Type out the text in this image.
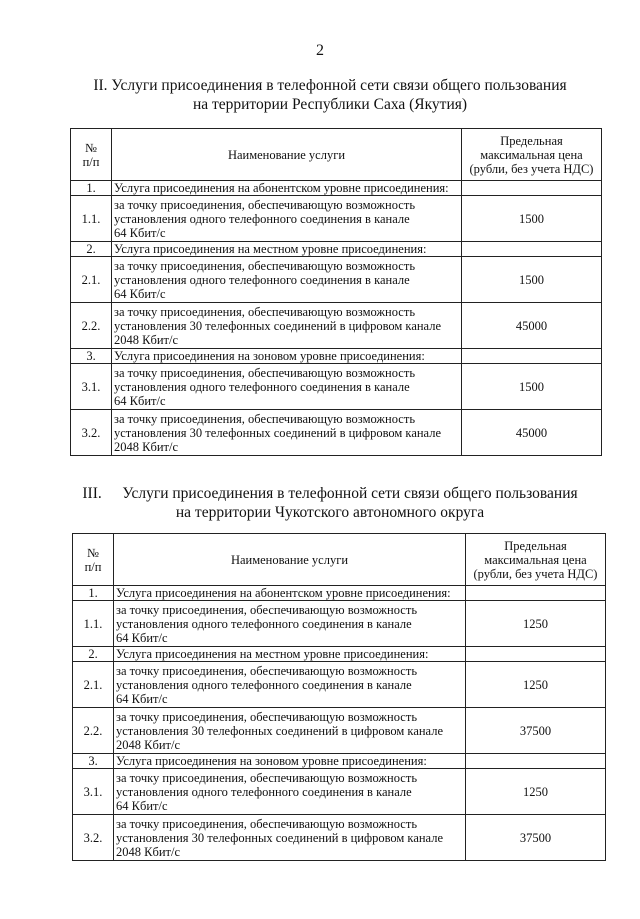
2
II. Услуги присоединения в телефонной сети связи общего пользования
на территории Республики Саха (Якутия)
№
п/п	Наименование услуги	Предельная
максимальная цена
(рубли, без учета НДС)

1.	Услуга присоединения на абонентском уровне присоединения:	

1.1.	за точку присоединения, обеспечивающую возможность
установления одного телефонного соединения в канале
64 Кбит/с	1500

2.	Услуга присоединения на местном уровне присоединения:	

2.1.	за точку присоединения, обеспечивающую возможность
установления одного телефонного соединения в канале
64 Кбит/с	1500

2.2.	за точку присоединения, обеспечивающую возможность
установления 30 телефонных соединений в цифровом канале
2048 Кбит/с	45000

3.	Услуга присоединения на зоновом уровне присоединения:	

3.1.	за точку присоединения, обеспечивающую возможность
установления одного телефонного соединения в канале
64 Кбит/с	1500

3.2.	за точку присоединения, обеспечивающую возможность
установления 30 телефонных соединений в цифровом канале
2048 Кбит/с	45000
III. Услуги присоединения в телефонной сети связи общего пользования
на территории Чукотского автономного округа
№
п/п	Наименование услуги	Предельная
максимальная цена
(рубли, без учета НДС)

1.	Услуга присоединения на абонентском уровне присоединения:	

1.1.	за точку присоединения, обеспечивающую возможность
установления одного телефонного соединения в канале
64 Кбит/с	1250

2.	Услуга присоединения на местном уровне присоединения:	

2.1.	за точку присоединения, обеспечивающую возможность
установления одного телефонного соединения в канале
64 Кбит/с	1250

2.2.	за точку присоединения, обеспечивающую возможность
установления 30 телефонных соединений в цифровом канале
2048 Кбит/с	37500

3.	Услуга присоединения на зоновом уровне присоединения:	

3.1.	за точку присоединения, обеспечивающую возможность
установления одного телефонного соединения в канале
64 Кбит/с	1250

3.2.	за точку присоединения, обеспечивающую возможность
установления 30 телефонных соединений в цифровом канале
2048 Кбит/с	37500
